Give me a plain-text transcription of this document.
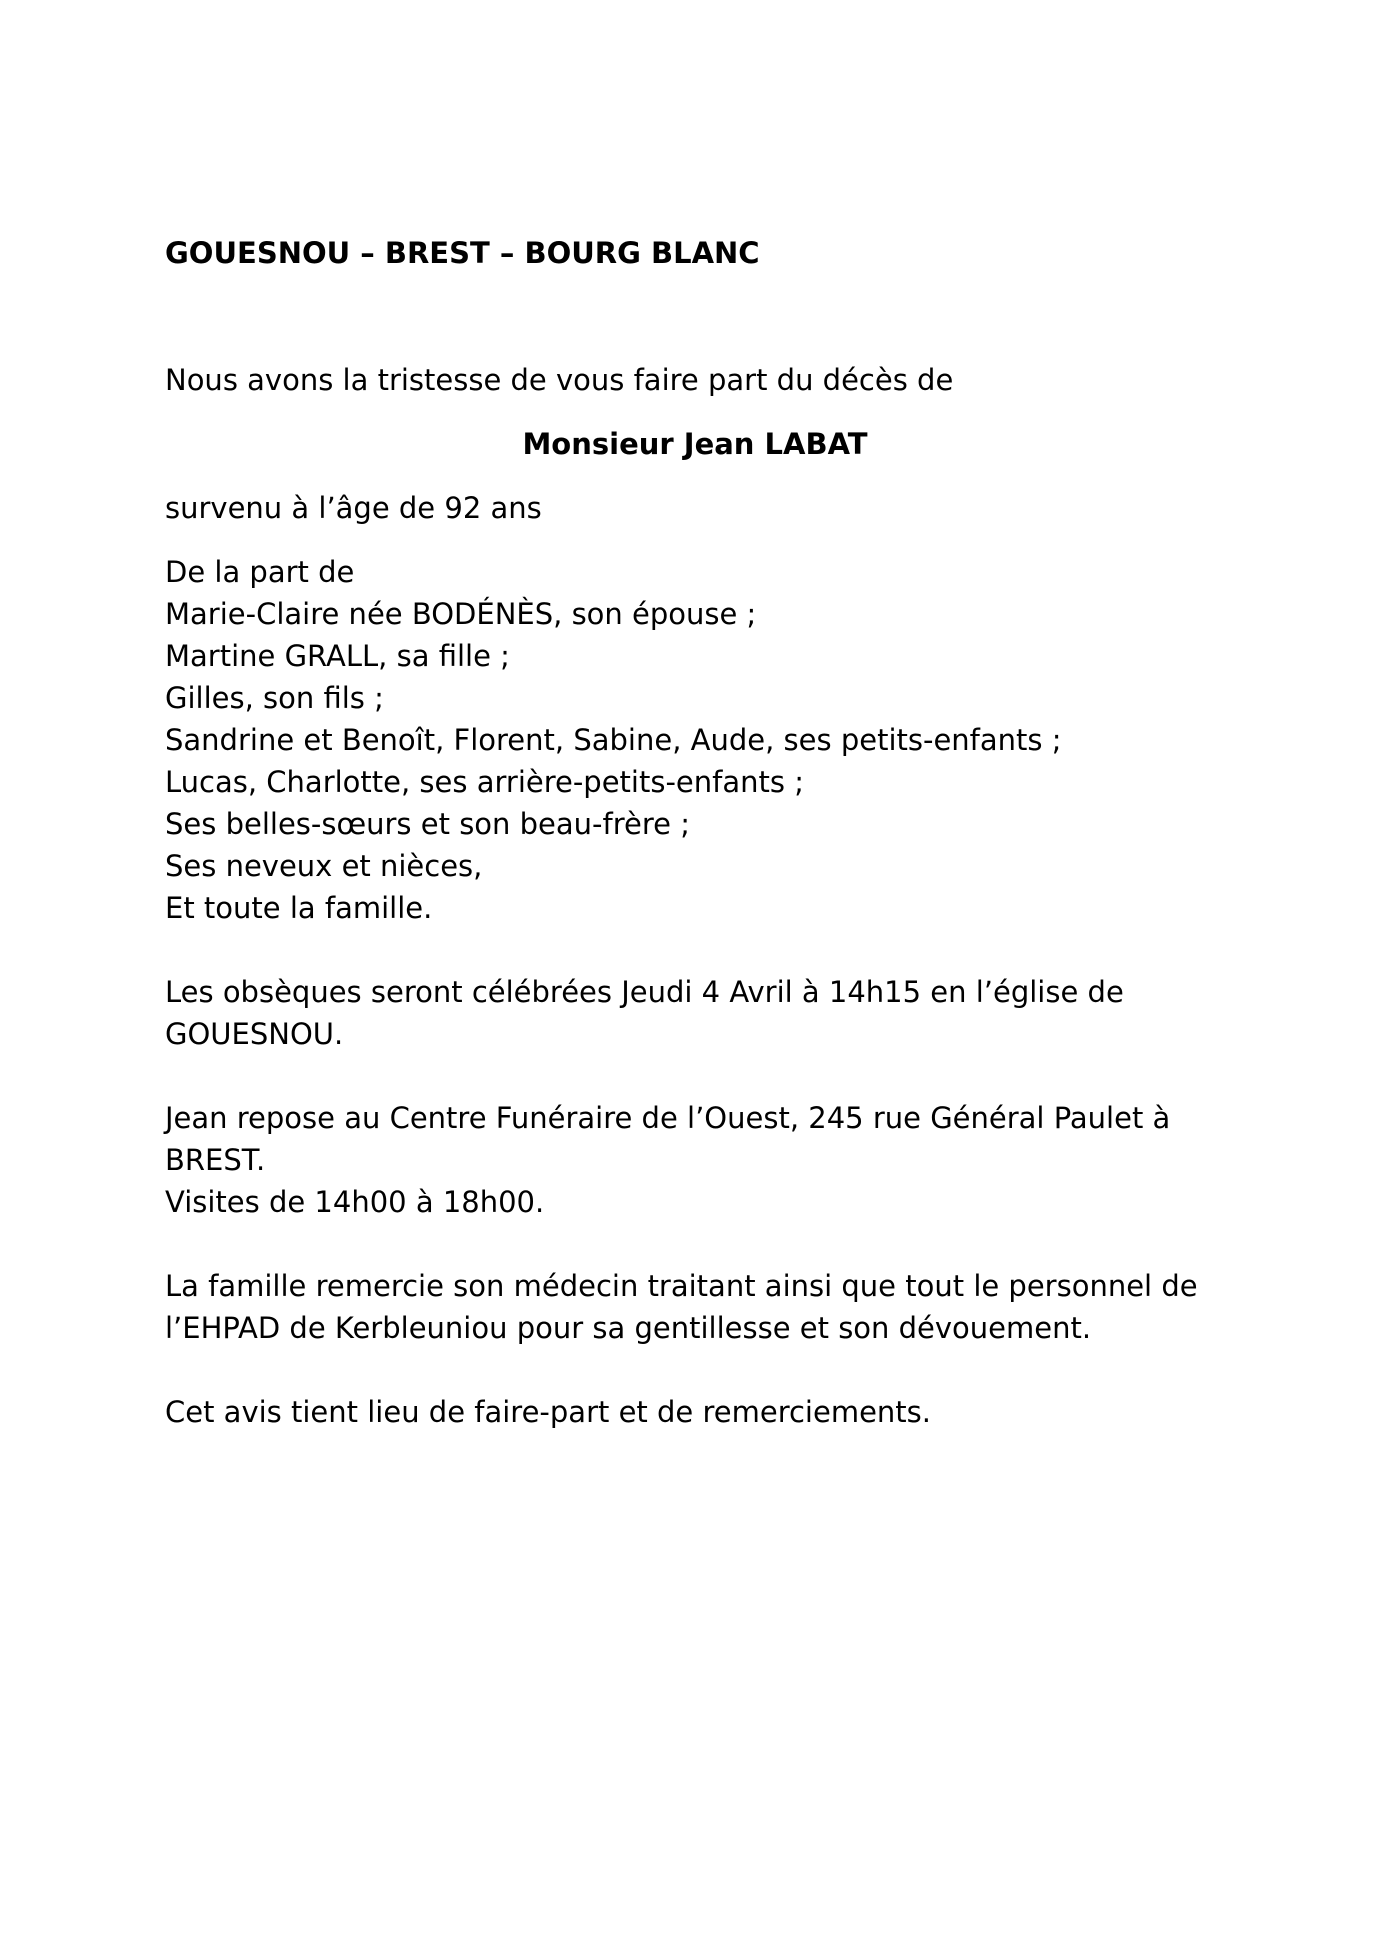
GOUESNOU – BREST – BOURG BLANC
Nous avons la tristesse de vous faire part du décès de
Monsieur Jean LABAT
survenu à l’âge de 92 ans
De la part de
Marie-Claire née BODÉNÈS, son épouse ;
Martine GRALL, sa fille ;
Gilles, son fils ;
Sandrine et Benoît, Florent, Sabine, Aude, ses petits-enfants ;
Lucas, Charlotte, ses arrière-petits-enfants ;
Ses belles-sœurs et son beau-frère ;
Ses neveux et nièces,
Et toute la famille.
Les obsèques seront célébrées Jeudi 4 Avril à 14h15 en l’église de
GOUESNOU.
Jean repose au Centre Funéraire de l’Ouest, 245 rue Général Paulet à
BREST.
Visites de 14h00 à 18h00.
La famille remercie son médecin traitant ainsi que tout le personnel de
l’EHPAD de Kerbleuniou pour sa gentillesse et son dévouement.
Cet avis tient lieu de faire-part et de remerciements.
